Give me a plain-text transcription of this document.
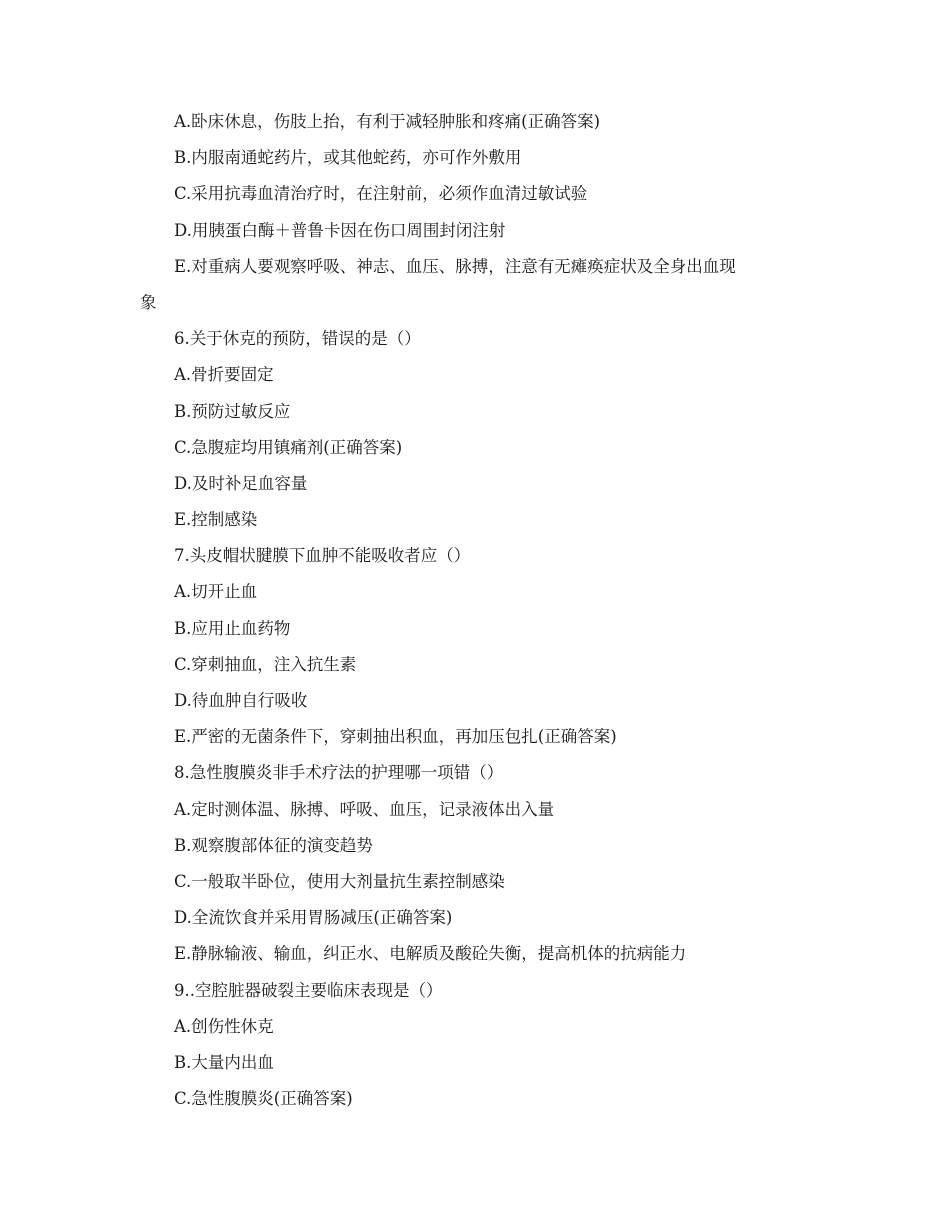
A.卧床休息，伤肢上抬，有利于减轻肿胀和疼痛(正确答案)
B.内服南通蛇药片，或其他蛇药，亦可作外敷用
C.采用抗毒血清治疗时，在注射前，必须作血清过敏试验
D.用胰蛋白酶＋普鲁卡因在伤口周围封闭注射
E.对重病人要观察呼吸、神志、血压、脉搏，注意有无瘫痪症状及全身出血现
象
6.关于休克的预防，错误的是（）
A.骨折要固定
B.预防过敏反应
C.急腹症均用镇痛剂(正确答案)
D.及时补足血容量
E.控制感染
7.头皮帽状腱膜下血肿不能吸收者应（）
A.切开止血
B.应用止血药物
C.穿刺抽血，注入抗生素
D.待血肿自行吸收
E.严密的无菌条件下，穿刺抽出积血，再加压包扎(正确答案)
8.急性腹膜炎非手术疗法的护理哪一项错（）
A.定时测体温、脉搏、呼吸、血压，记录液体出入量
B.观察腹部体征的演变趋势
C.一般取半卧位，使用大剂量抗生素控制感染
D.全流饮食并采用胃肠减压(正确答案)
E.静脉输液、输血，纠正水、电解质及酸砼失衡，提高机体的抗病能力
9..空腔脏器破裂主要临床表现是（）
A.创伤性休克
B.大量内出血
C.急性腹膜炎(正确答案)
